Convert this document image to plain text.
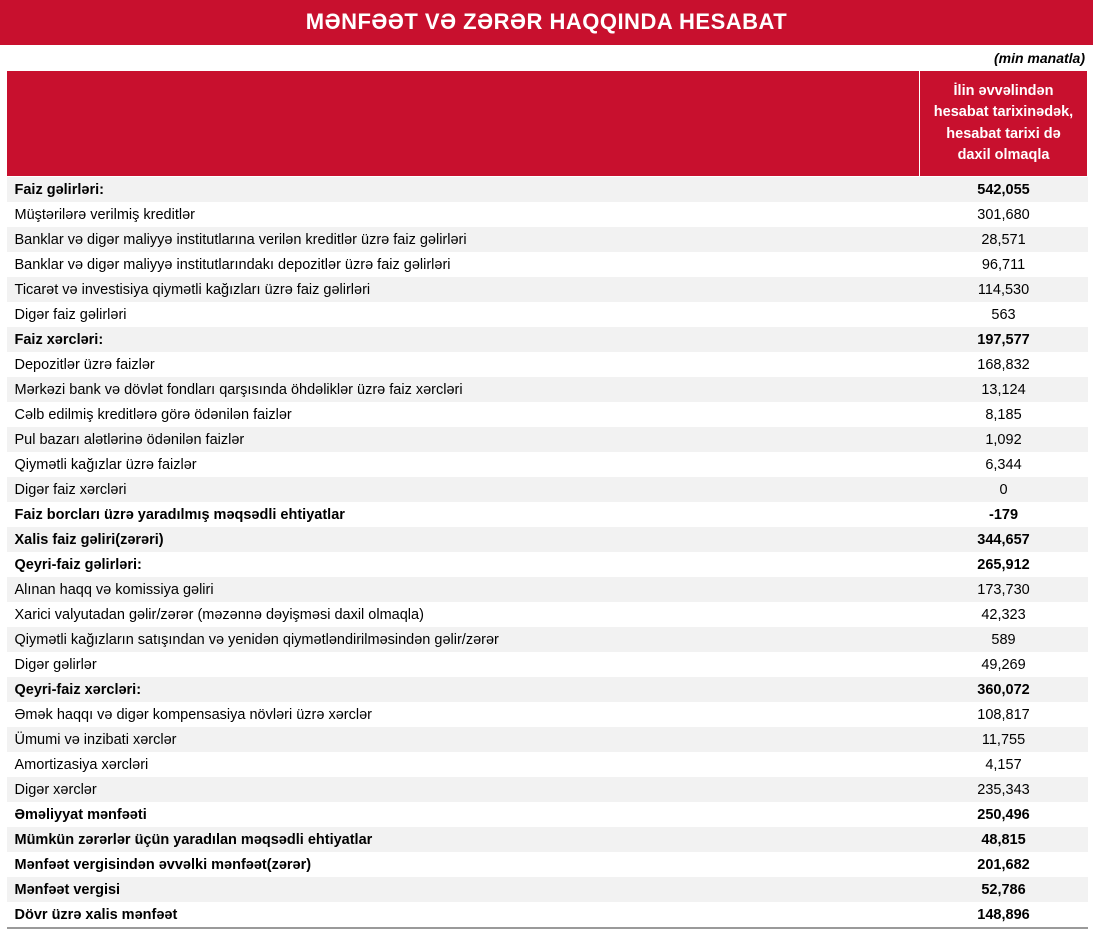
MƏNFƏƏT VƏ ZƏRƏR HAQQINDA HESABAT
(min manatla)
	İlin əvvəlindən hesabat tarixinədək, hesabat tarixi də daxil olmaqla
Faiz gəlirləri:	542,055
Müştərilərə verilmiş kreditlər	301,680
Banklar və digər maliyyə institutlarına verilən kreditlər üzrə faiz gəlirləri	28,571
Banklar və digər maliyyə institutlarındakı depozitlər üzrə faiz gəlirləri	96,711
Ticarət və investisiya qiymətli kağızları üzrə faiz gəlirləri	114,530
Digər faiz gəlirləri	563
Faiz xərcləri:	197,577
Depozitlər üzrə faizlər	168,832
Mərkəzi bank və dövlət fondları qarşısında öhdəliklər üzrə faiz xərcləri	13,124
Cəlb edilmiş kreditlərə görə ödənilən faizlər	8,185
Pul bazarı alətlərinə ödənilən faizlər	1,092
Qiymətli kağızlar üzrə faizlər	6,344
Digər faiz xərcləri	0
Faiz borcları üzrə yaradılmış məqsədli ehtiyatlar	-179
Xalis faiz gəliri(zərəri)	344,657
Qeyri-faiz gəlirləri:	265,912
Alınan haqq və komissiya gəliri	173,730
Xarici valyutadan gəlir/zərər (məzənnə dəyişməsi daxil olmaqla)	42,323
Qiymətli kağızların satışından və yenidən qiymətləndirilməsindən gəlir/zərər	589
Digər gəlirlər	49,269
Qeyri-faiz xərcləri:	360,072
Əmək haqqı və digər kompensasiya növləri üzrə xərclər	108,817
Ümumi və inzibati xərclər	11,755
Amortizasiya xərcləri	4,157
Digər xərclər	235,343
Əməliyyat mənfəəti	250,496
Mümkün zərərlər üçün yaradılan məqsədli ehtiyatlar	48,815
Mənfəət vergisindən əvvəlki mənfəət(zərər)	201,682
Mənfəət vergisi	52,786
Dövr üzrə xalis mənfəət	148,896
